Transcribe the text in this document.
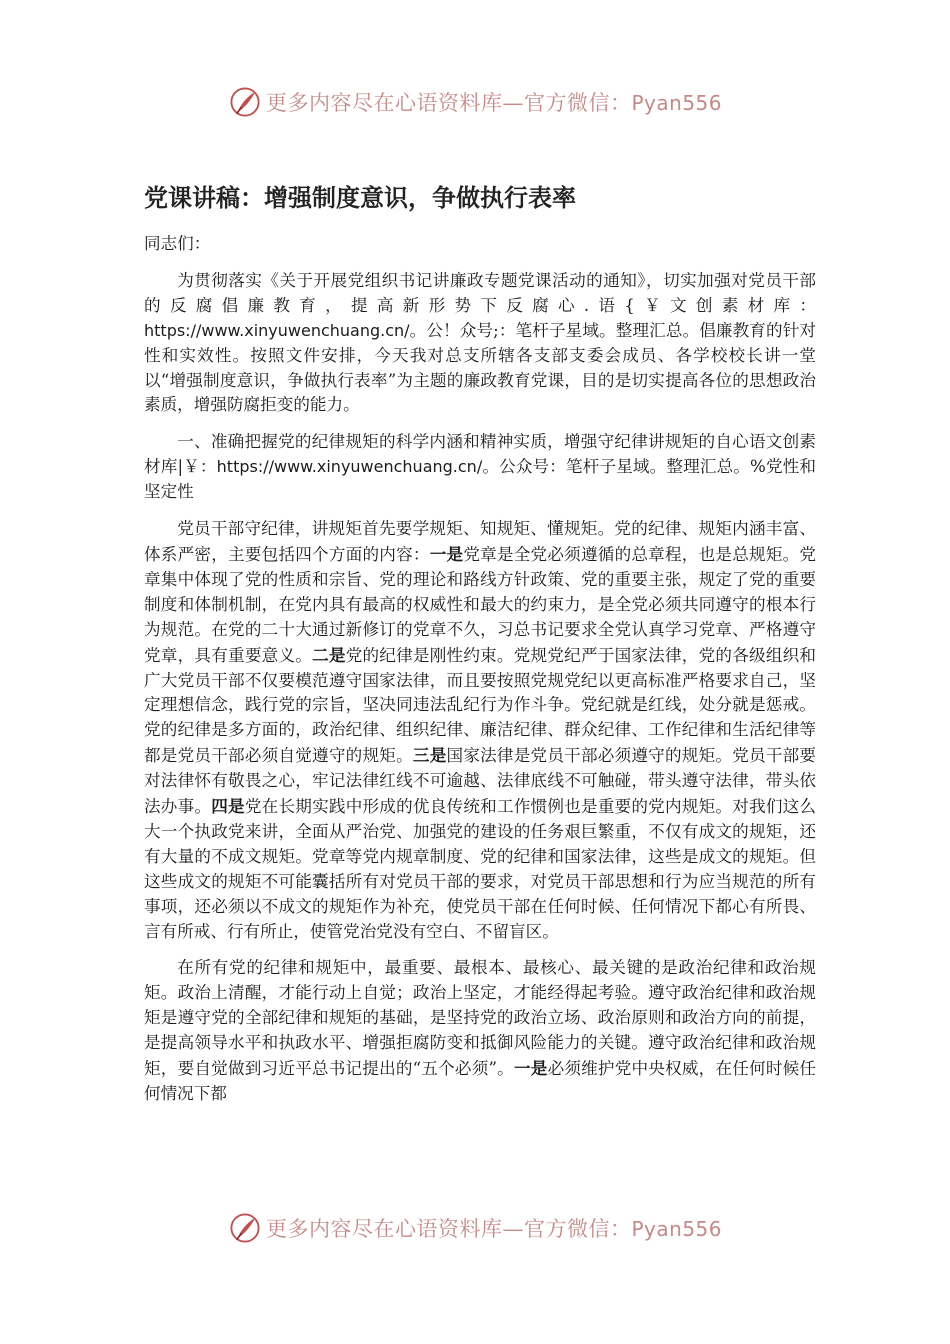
更多内容尽在心语资料库—官方微信：Pyan556
党课讲稿：增强制度意识，争做执行表率

同志们：

为贯彻落实《关于开展党组织书记讲廉政专题党课活动的通知》，切实加强对党员干部的反腐倡廉教育，提高新形势下反腐心.语{￥文创素材库：https://www.xinyuwenchuang.cn/。公！众号;：笔杆子星域。整理汇总。倡廉教育的针对性和实效性。按照文件安排，今天我对总支所辖各支部支委会成员、各学校校长讲一堂以“增强制度意识，争做执行表率”为主题的廉政教育党课，目的是切实提高各位的思想政治素质，增强防腐拒变的能力。

一、准确把握党的纪律规矩的科学内涵和精神实质，增强守纪律讲规矩的自心语文创素材库|￥：https://www.xinyuwenchuang.cn/。公众号：笔杆子星域。整理汇总。%党性和坚定性

党员干部守纪律，讲规矩首先要学规矩、知规矩、懂规矩。党的纪律、规矩内涵丰富、体系严密，主要包括四个方面的内容：一是党章是全党必须遵循的总章程，也是总规矩。党章集中体现了党的性质和宗旨、党的理论和路线方针政策、党的重要主张，规定了党的重要制度和体制机制，在党内具有最高的权威性和最大的约束力，是全党必须共同遵守的根本行为规范。在党的二十大通过新修订的党章不久，习总书记要求全党认真学习党章、严格遵守党章，具有重要意义。二是党的纪律是刚性约束。党规党纪严于国家法律，党的各级组织和广大党员干部不仅要模范遵守国家法律，而且要按照党规党纪以更高标准严格要求自己，坚定理想信念，践行党的宗旨，坚决同违法乱纪行为作斗争。党纪就是红线，处分就是惩戒。党的纪律是多方面的，政治纪律、组织纪律、廉洁纪律、群众纪律、工作纪律和生活纪律等都是党员干部必须自觉遵守的规矩。三是国家法律是党员干部必须遵守的规矩。党员干部要对法律怀有敬畏之心，牢记法律红线不可逾越、法律底线不可触碰，带头遵守法律，带头依法办事。四是党在长期实践中形成的优良传统和工作惯例也是重要的党内规矩。对我们这么大一个执政党来讲，全面从严治党、加强党的建设的任务艰巨繁重，不仅有成文的规矩，还有大量的不成文规矩。党章等党内规章制度、党的纪律和国家法律，这些是成文的规矩。但这些成文的规矩不可能囊括所有对党员干部的要求，对党员干部思想和行为应当规范的所有事项，还必须以不成文的规矩作为补充，使党员干部在任何时候、任何情况下都心有所畏、言有所戒、行有所止，使管党治党没有空白、不留盲区。

在所有党的纪律和规矩中，最重要、最根本、最核心、最关键的是政治纪律和政治规矩。政治上清醒，才能行动上自觉；政治上坚定，才能经得起考验。遵守政治纪律和政治规矩是遵守党的全部纪律和规矩的基础，是坚持党的政治立场、政治原则和政治方向的前提，是提高领导水平和执政水平、增强拒腐防变和抵御风险能力的关键。遵守政治纪律和政治规矩，要自觉做到习近平总书记提出的“五个必须”。一是必须维护党中央权威，在任何时候任何情况下都

更多内容尽在心语资料库—官方微信：Pyan556
